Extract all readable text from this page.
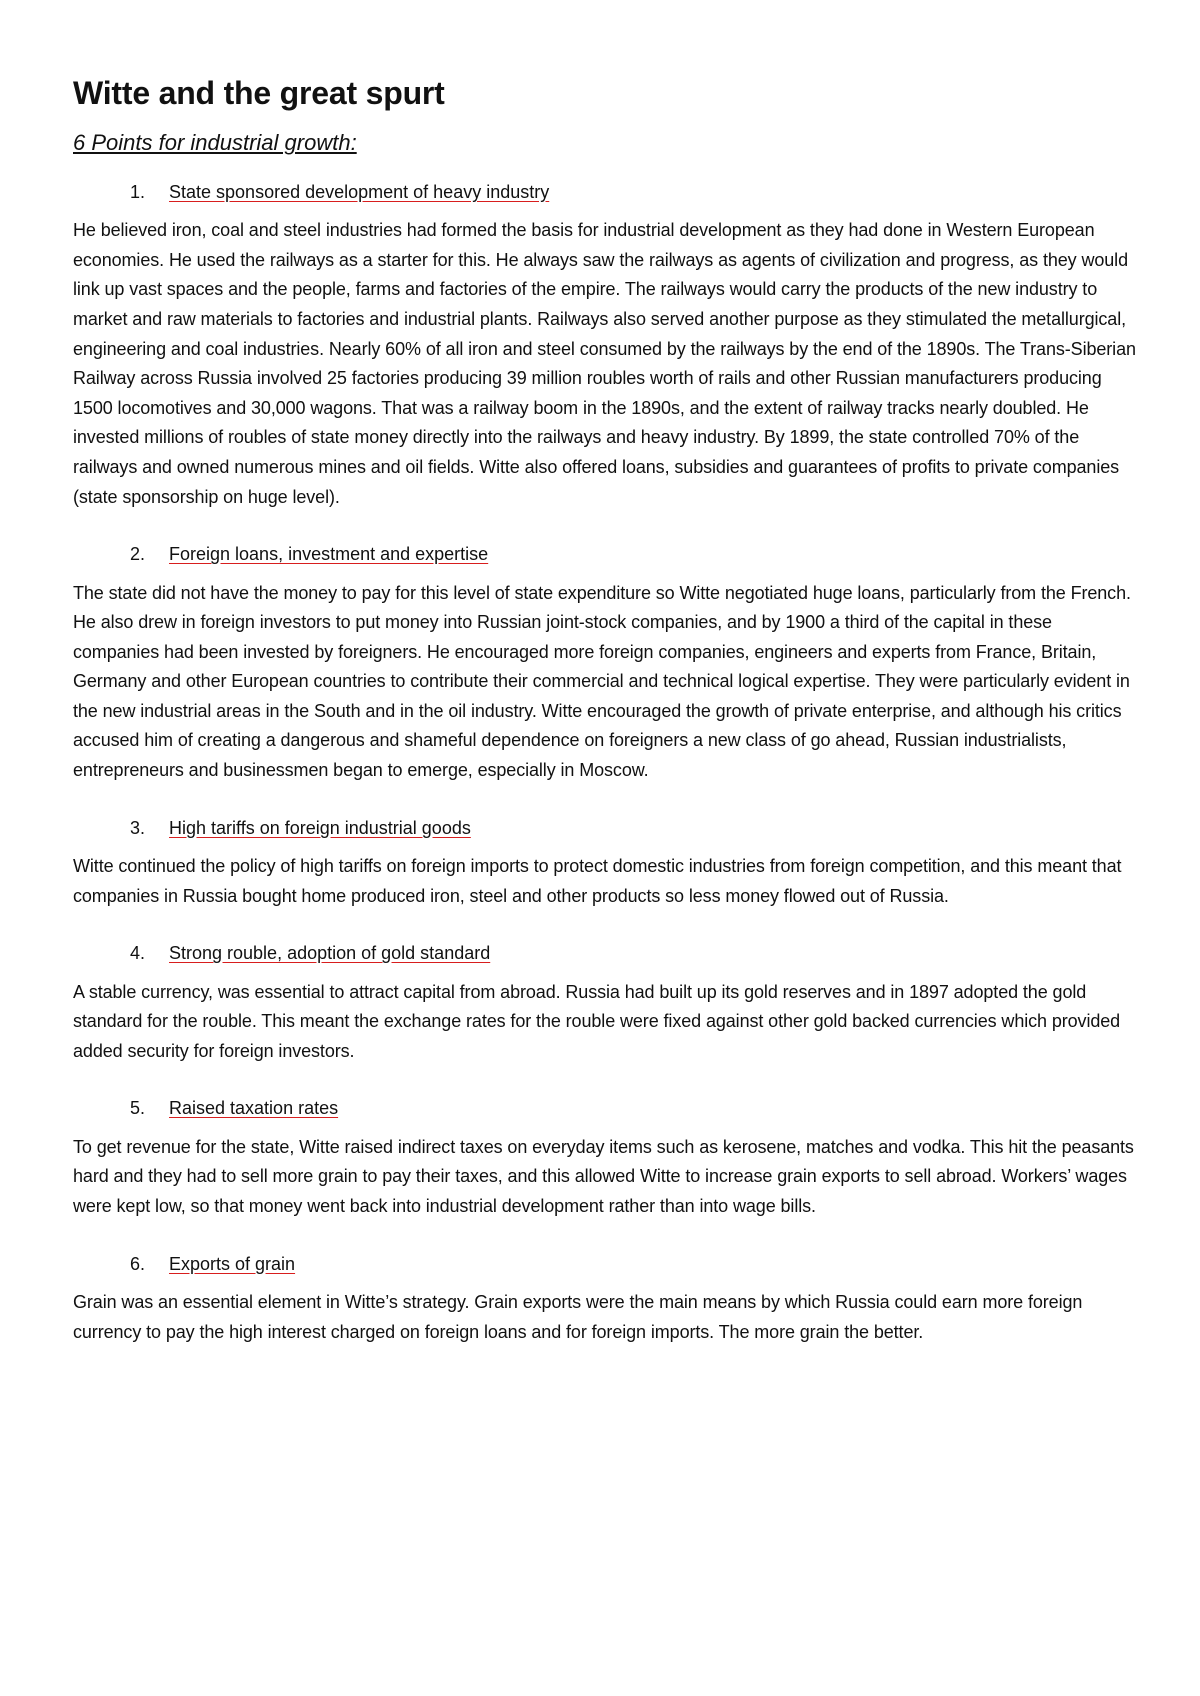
Witte and the great spurt
6 Points for industrial growth:
1. State sponsored development of heavy industry

He believed iron, coal and steel industries had formed the basis for industrial development as they had done in Western European economies. He used the railways as a starter for this. He always saw the railways as agents of civilization and progress, as they would link up vast spaces and the people, farms and factories of the empire. The railways would carry the products of the new industry to market and raw materials to factories and industrial plants. Railways also served another purpose as they stimulated the metallurgical, engineering and coal industries. Nearly 60% of all iron and steel consumed by the railways by the end of the 1890s. The Trans-Siberian Railway across Russia involved 25 factories producing 39 million roubles worth of rails and other Russian manufacturers producing 1500 locomotives and 30,000 wagons. That was a railway boom in the 1890s, and the extent of railway tracks nearly doubled. He invested millions of roubles of state money directly into the railways and heavy industry. By 1899, the state controlled 70% of the railways and owned numerous mines and oil fields. Witte also offered loans, subsidies and guarantees of profits to private companies (state sponsorship on huge level).

2. Foreign loans, investment and expertise

The state did not have the money to pay for this level of state expenditure so Witte negotiated huge loans, particularly from the French. He also drew in foreign investors to put money into Russian joint-stock companies, and by 1900 a third of the capital in these companies had been invested by foreigners. He encouraged more foreign companies, engineers and experts from France, Britain, Germany and other European countries to contribute their commercial and technical logical expertise. They were particularly evident in the new industrial areas in the South and in the oil industry. Witte encouraged the growth of private enterprise, and although his critics accused him of creating a dangerous and shameful dependence on foreigners a new class of go ahead, Russian industrialists, entrepreneurs and businessmen began to emerge, especially in Moscow.

3. High tariffs on foreign industrial goods

Witte continued the policy of high tariffs on foreign imports to protect domestic industries from foreign competition, and this meant that companies in Russia bought home produced iron, steel and other products so less money flowed out of Russia.

4. Strong rouble, adoption of gold standard

A stable currency, was essential to attract capital from abroad. Russia had built up its gold reserves and in 1897 adopted the gold standard for the rouble. This meant the exchange rates for the rouble were fixed against other gold backed currencies which provided added security for foreign investors.

5. Raised taxation rates

To get revenue for the state, Witte raised indirect taxes on everyday items such as kerosene, matches and vodka. This hit the peasants hard and they had to sell more grain to pay their taxes, and this allowed Witte to increase grain exports to sell abroad. Workers’ wages were kept low, so that money went back into industrial development rather than into wage bills.

6. Exports of grain

Grain was an essential element in Witte’s strategy. Grain exports were the main means by which Russia could earn more foreign currency to pay the high interest charged on foreign loans and for foreign imports. The more grain the better.
